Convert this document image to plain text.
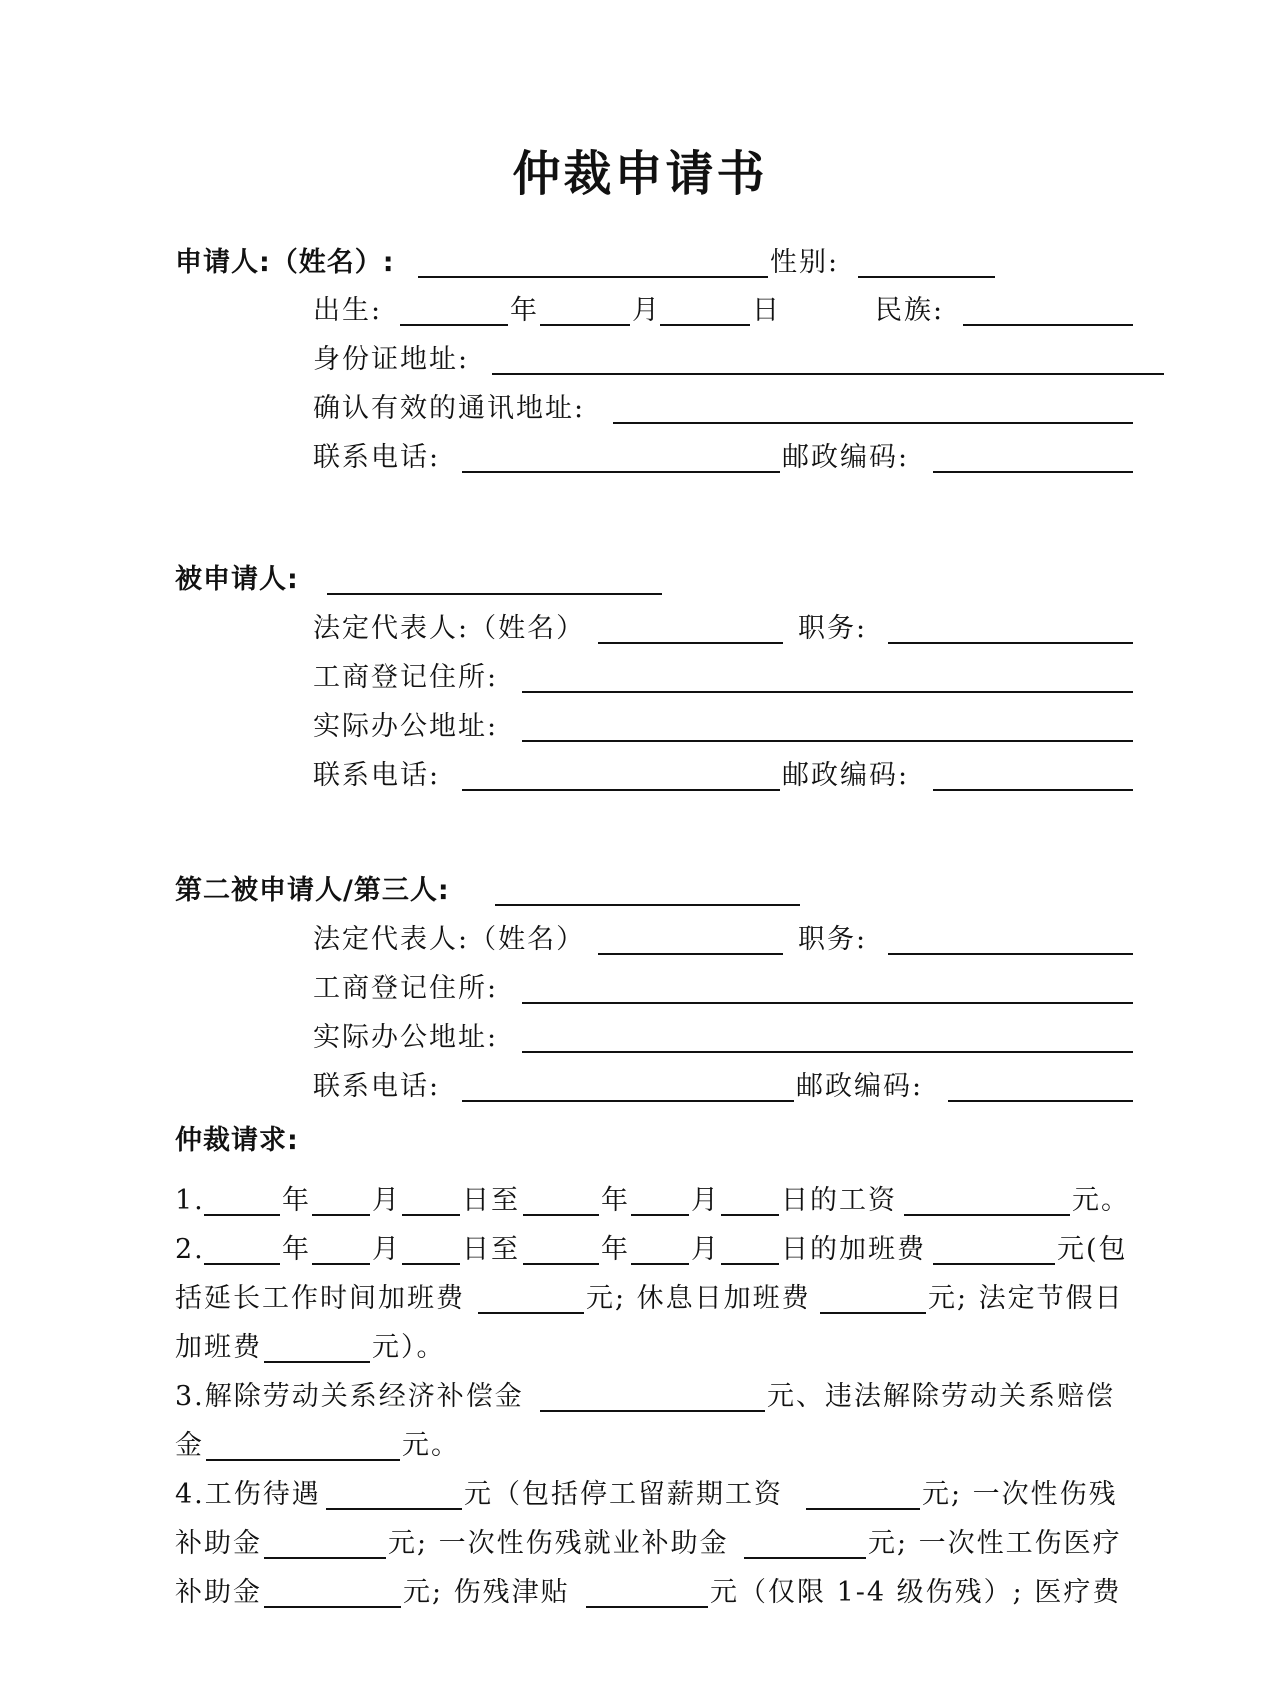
仲裁申请书
申请人:（姓名）:	性别:
出生:	年	月	日	民族:
身份证地址:
确认有效的通讯地址:
联系电话:	邮政编码:
被申请人:
法定代表人:（姓名）	职务:
工商登记住所:
实际办公地址:
联系电话:	邮政编码:
第二被申请人/第三人:
法定代表人:（姓名）	职务:
工商登记住所:
实际办公地址:
联系电话:	邮政编码:
仲裁请求:
1.	年 月 日至	年 月 日的工资	元。
2.	年 月 日至	年 月 日的加班费	元(包
括延长工作时间加班费	元; 休息日加班费	元; 法定节假日
加班费	元）。
3.解除劳动关系经济补偿金	元、违法解除劳动关系赔偿
金	元。
4.工伤待遇	元（包括停工留薪期工资	元; 一次性伤残
补助金	元; 一次性伤残就业补助金	元; 一次性工伤医疗
补助金	元; 伤残津贴	元（仅限 1-4 级伤残）; 医疗费
